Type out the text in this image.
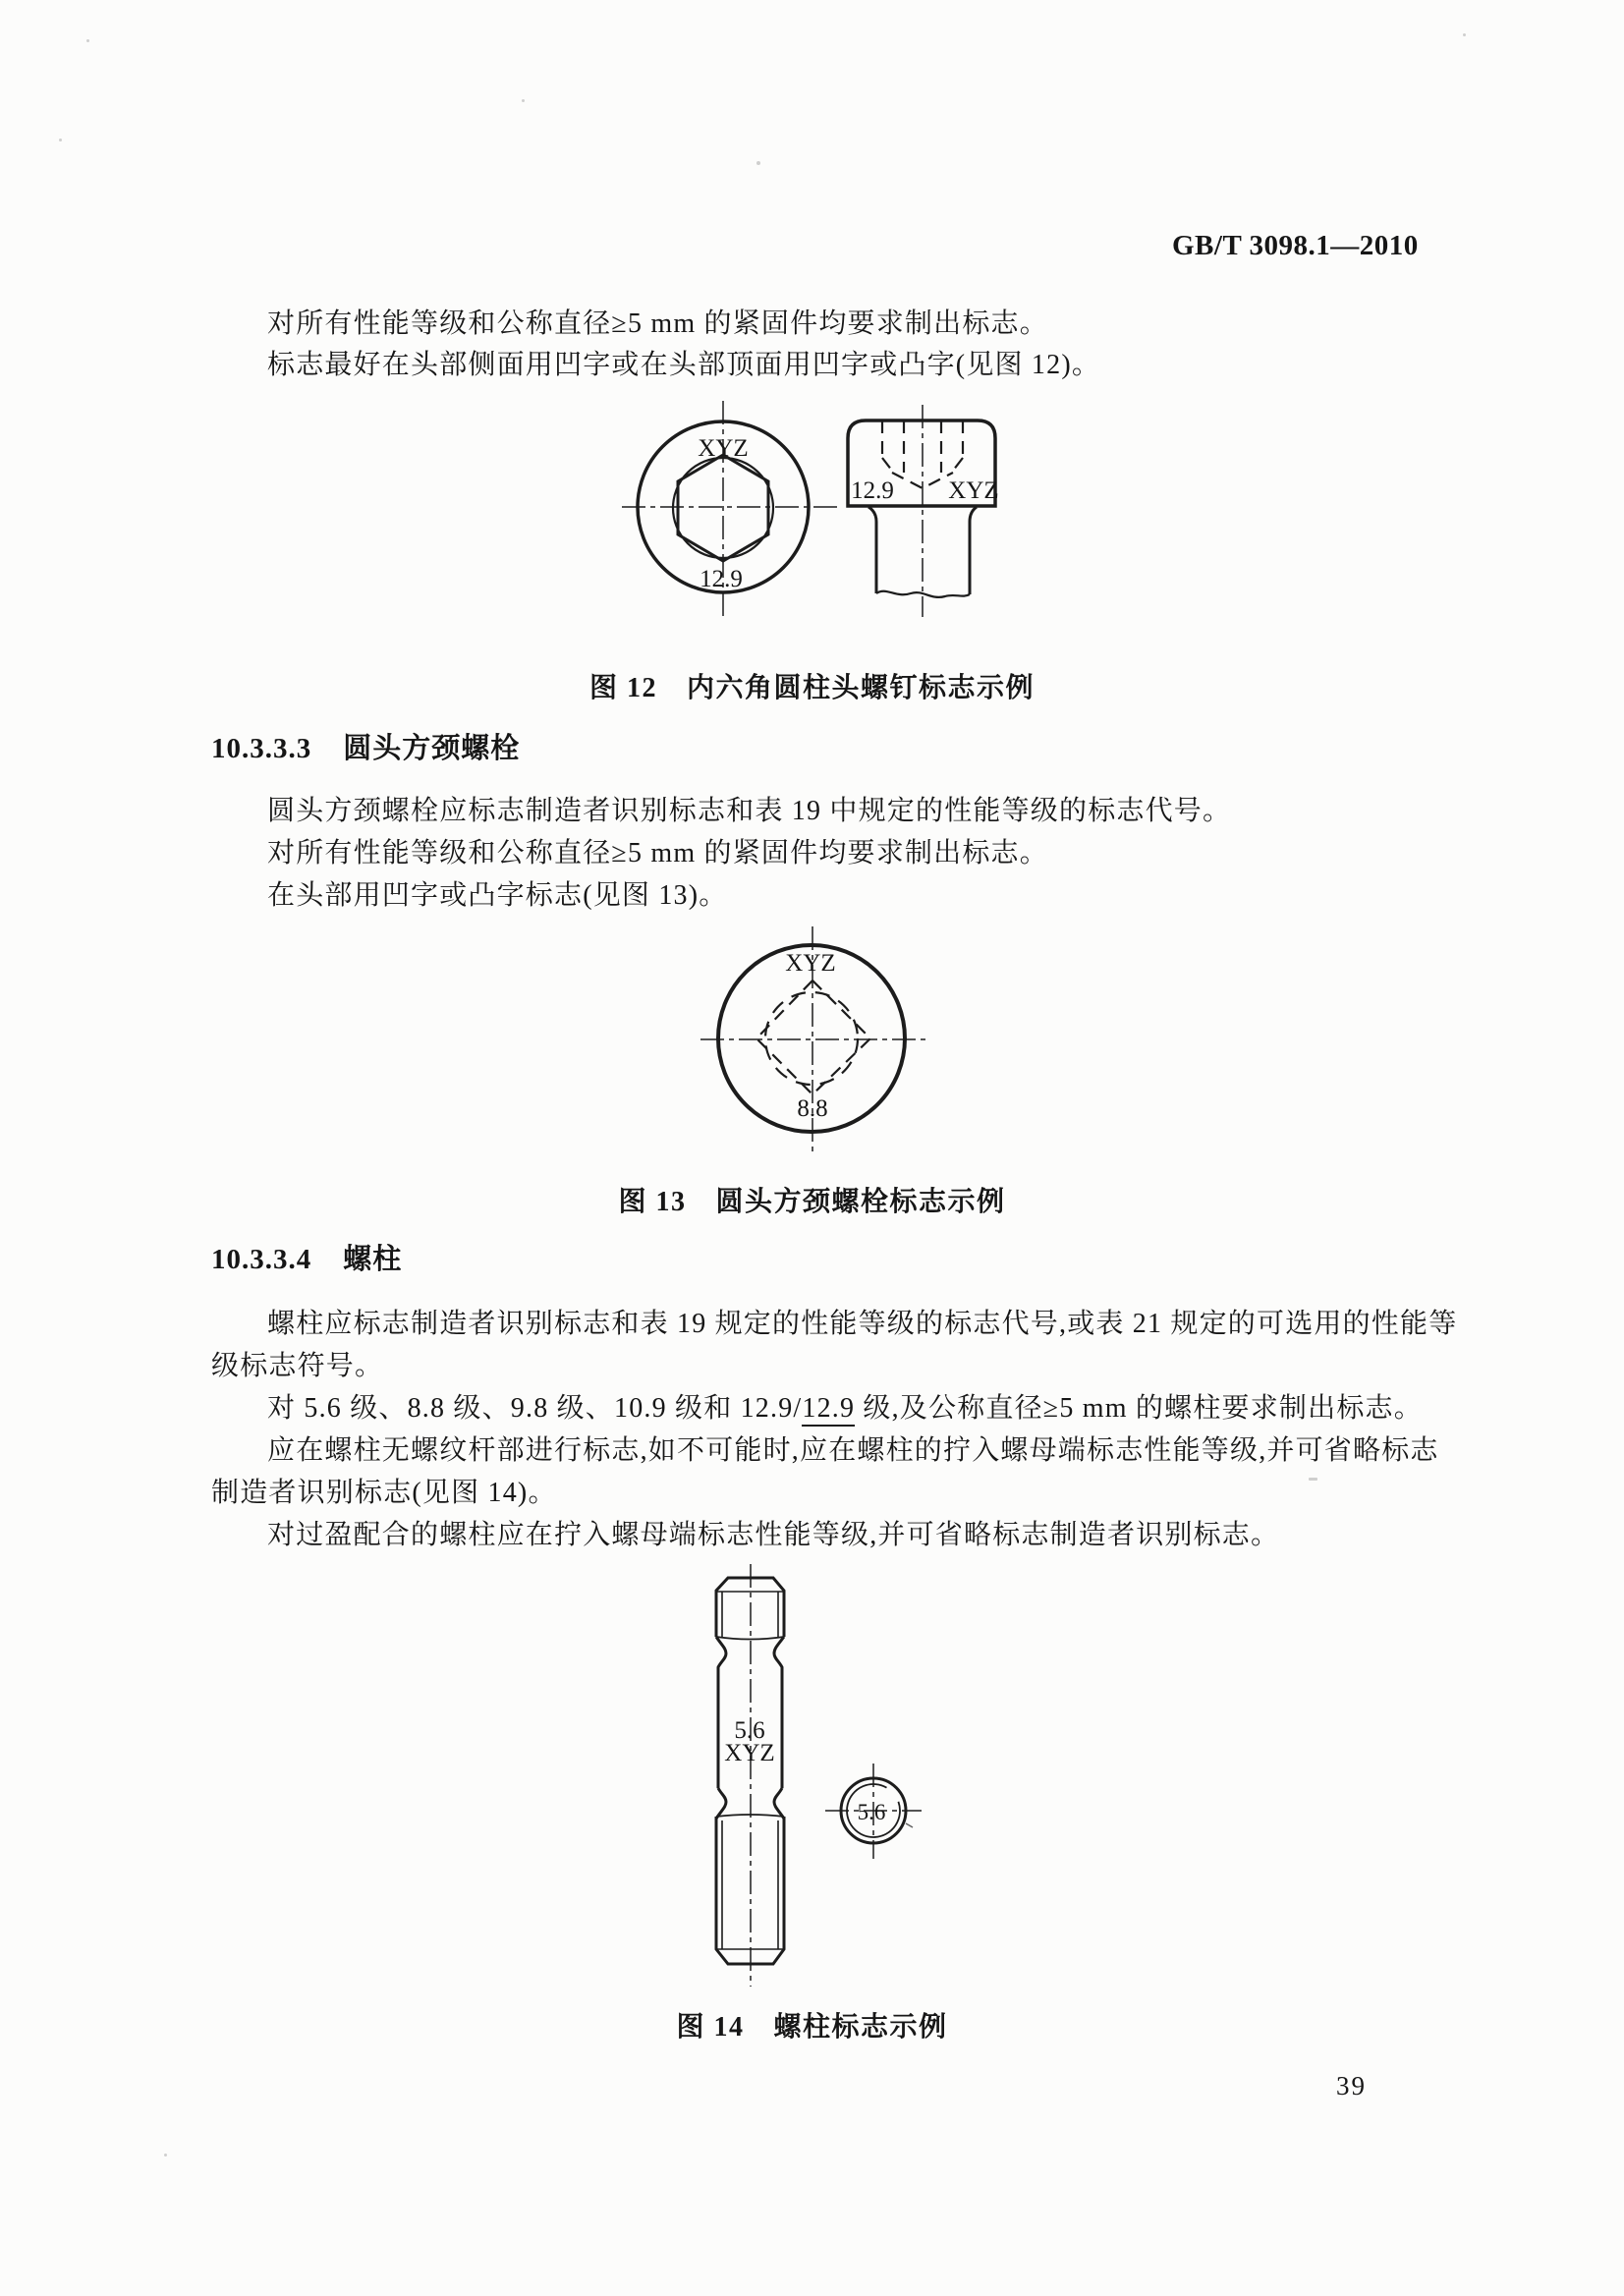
GB/T 3098.1—2010
对所有性能等级和公称直径≥5 mm 的紧固件均要求制出标志。
标志最好在头部侧面用凹字或在头部顶面用凹字或凸字(见图 12)。
XYZ
12.9
12.9 XYZ
图 12 内六角圆柱头螺钉标志示例
10.3.3.3 圆头方颈螺栓
圆头方颈螺栓应标志制造者识别标志和表 19 中规定的性能等级的标志代号。
对所有性能等级和公称直径≥5 mm 的紧固件均要求制出标志。
在头部用凹字或凸字标志(见图 13)。
XYZ
8.8
图 13 圆头方颈螺栓标志示例
10.3.3.4 螺柱
螺柱应标志制造者识别标志和表 19 规定的性能等级的标志代号,或表 21 规定的可选用的性能等
级标志符号。
对 5.6 级、8.8 级、9.8 级、10.9 级和 12.9/12.9 级,及公称直径≥5 mm 的螺柱要求制出标志。
应在螺柱无螺纹杆部进行标志,如不可能时,应在螺柱的拧入螺母端标志性能等级,并可省略标志
制造者识别标志(见图 14)。
对过盈配合的螺柱应在拧入螺母端标志性能等级,并可省略标志制造者识别标志。
5.6
XYZ
5.6
图 14 螺柱标志示例
39
